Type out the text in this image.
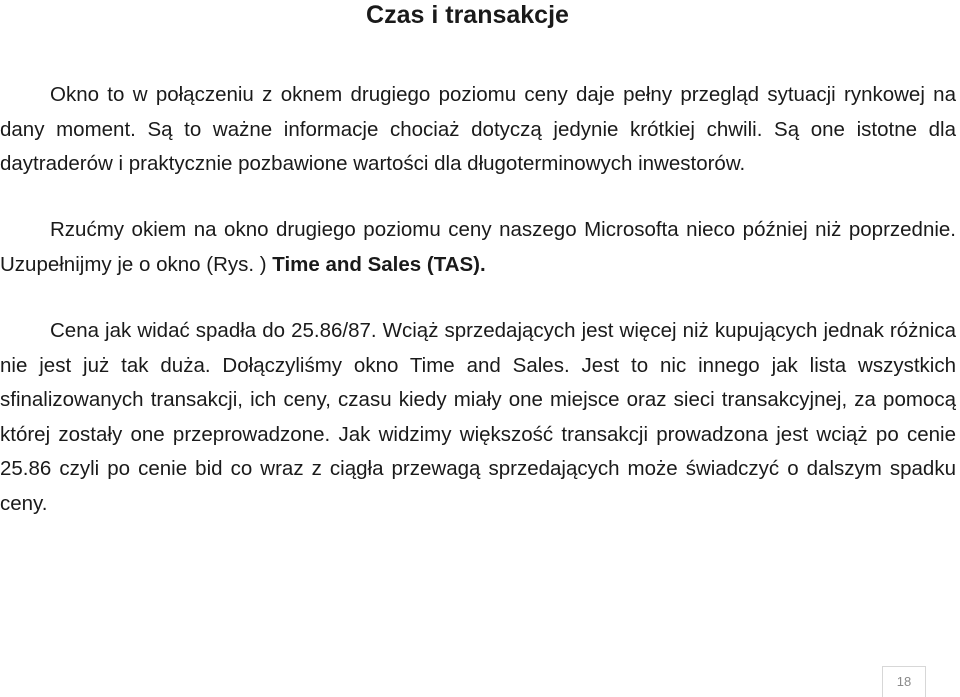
Czas i transakcje

Okno to w połączeniu z oknem drugiego poziomu ceny daje pełny przegląd sytuacji rynkowej na dany moment. Są to ważne informacje chociaż dotyczą jedynie krótkiej chwili. Są one istotne dla daytraderów i praktycznie pozbawione wartości dla długoterminowych inwestorów.

Rzućmy okiem na okno drugiego poziomu ceny naszego Microsofta nieco później niż poprzednie. Uzupełnijmy je o okno (Rys. ) Time and Sales (TAS).

Cena jak widać spadła do 25.86/87. Wciąż sprzedających jest więcej niż kupujących jednak różnica nie jest już tak duża. Dołączyliśmy okno Time and Sales. Jest to nic innego jak lista wszystkich sfinalizowanych transakcji, ich ceny, czasu kiedy miały one miejsce oraz sieci transakcyjnej, za pomocą której zostały one przeprowadzone. Jak widzimy większość transakcji prowadzona jest wciąż po cenie 25.86 czyli po cenie bid co wraz z ciągła przewagą sprzedających może świadczyć o dalszym spadku ceny.

18
